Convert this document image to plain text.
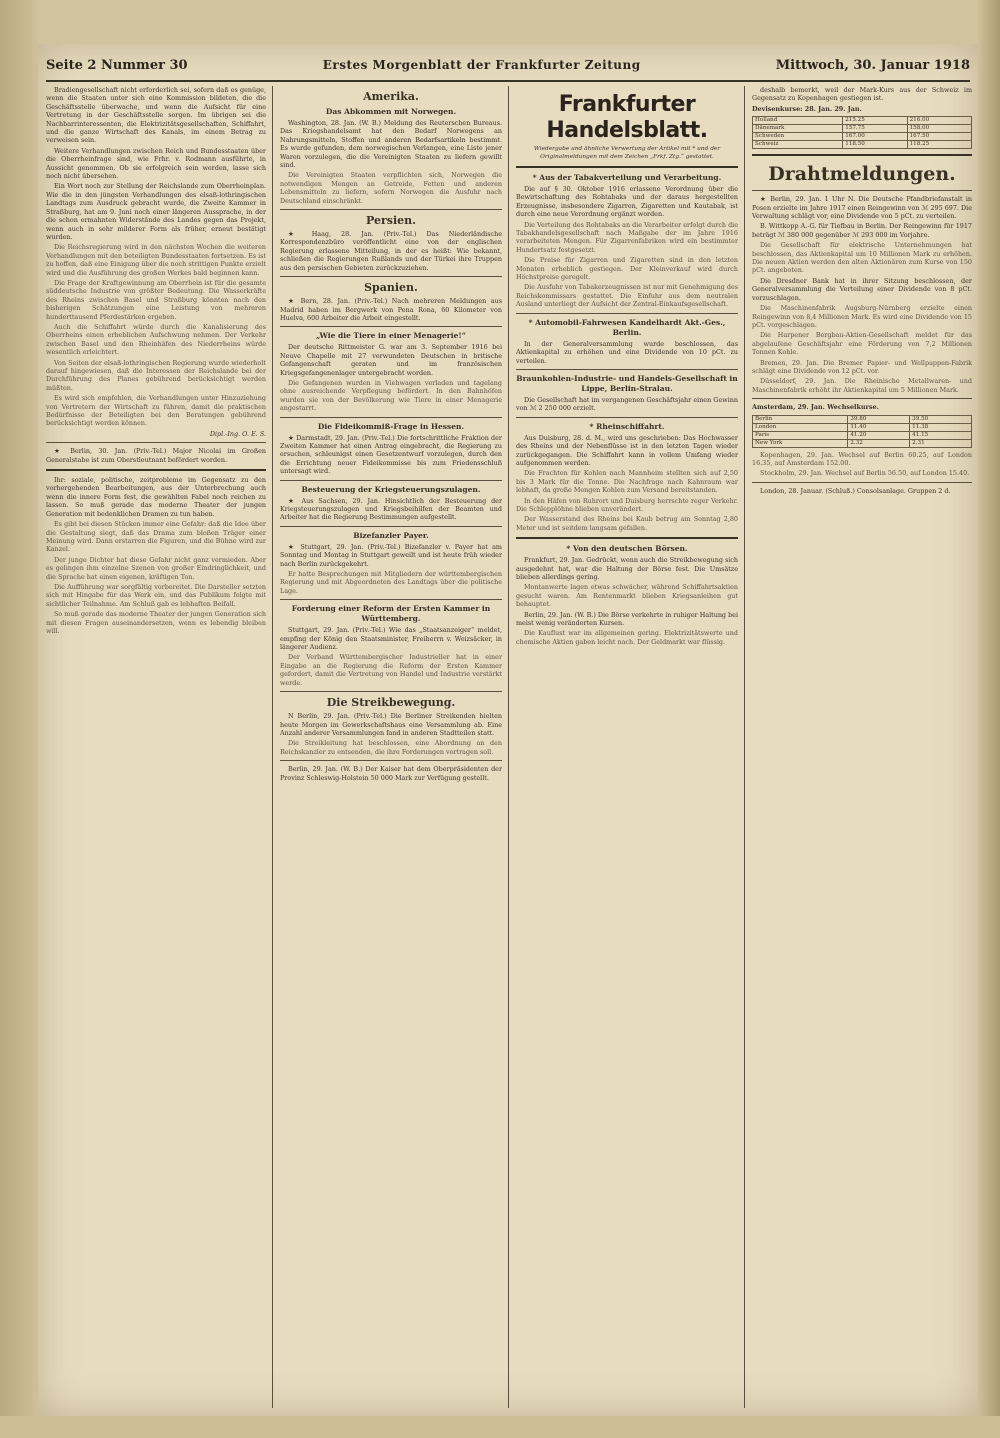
Seite 2 Nummer 30	Erstes Morgenblatt der Frankfurter Zeitung	Mittwoch, 30. Januar 1918

Bradiengesellschaft nicht erforderlich sei, sofern daß es genüge, wenn die Staaten unter sich eine Kommission bildeten, die die Geschäftsstelle überwache, und wenn die Aufsicht für eine Vertretung in der Geschäftsstelle sorgen. Im übrigen sei die Nachbarrinteressenten, die Elektrizitätsgesellschaften, Schiffahrt, und die ganze Wirtschaft des Kanals, im einem Betrag zu verweisen sein.

Weitere Verhandlungen zwischen Reich und Bundesstaaten über die Oberrheinfrage sind, wie Frhr. v. Rodmann ausführte, in Aussicht genommen. Ob sie erfolgreich sein werden, lasse sich noch nicht übersehen.

Ein Wort noch zur Stellung der Reichslande zum Oberrheinplan. Wie die in den jüngsten Verhandlungen des elsaß-lothringischen Landtags zum Ausdruck gebracht wurde, die Zweite Kammer in Straßburg, hat am 9. Juni noch einer längeren Aussprache, in der die schon ermahnten Widerstände des Landes gegen das Projekt, wenn auch in sehr milderer Form als früher, erneut bestätigt wurden.

Die Reichsregierung wird in den nächsten Wochen die weiteren Verhandlungen mit den beteiligten Bundesstaaten fortsetzen. Es ist zu hoffen, daß eine Einigung über die noch strittigen Punkte erzielt wird und die Ausführung des großen Werkes bald beginnen kann.

Die Frage der Kraftgewinnung am Oberrhein ist für die gesamte süddeutsche Industrie von größter Bedeutung. Die Wasserkräfte des Rheins zwischen Basel und Straßburg könnten nach den bisherigen Schätzungen eine Leistung von mehreren hunderttausend Pferdestärken ergeben.

Auch die Schiffahrt würde durch die Kanalisierung des Oberrheins einen erheblichen Aufschwung nehmen. Der Verkehr zwischen Basel und den Rheinhäfen des Niederrheins würde wesentlich erleichtert.

Von Seiten der elsaß-lothringischen Regierung wurde wiederholt darauf hingewiesen, daß die Interessen der Reichslande bei der Durchführung des Planes gebührend berücksichtigt werden müßten.

Es wird sich empfehlen, die Verhandlungen unter Hinzuziehung von Vertretern der Wirtschaft zu führen, damit die praktischen Bedürfnisse der Beteiligten bei den Beratungen gebührend berücksichtigt werden können.

Dipl.-Ing. O. E. S.

★ Berlin, 30. Jan. (Priv.-Tel.) Major Nicolai im Großen Generalstabe ist zum Oberstleutnant befördert worden.

Ihr: soziale, politische, zeitprobleme im Gegensatz zu den vorhergehenden Bearbeitungen, aus der Unterbrechung auch wenn die innere Form fest, die gewählten Fabel noch reichen zu lassen. So muß gerade das moderne Theater der jungen Generation mit bedenklichen Dramen zu tun haben.

Es gibt bei diesen Stücken immer eine Gefahr: daß die Idee über die Gestaltung siegt, daß das Drama zum bloßen Träger einer Meinung wird. Dann erstarren die Figuren, und die Bühne wird zur Kanzel.

Der junge Dichter hat diese Gefahr nicht ganz vermieden. Aber es gelingen ihm einzelne Szenen von großer Eindringlichkeit, und die Sprache hat einen eigenen, kräftigen Ton.

Die Aufführung war sorgfältig vorbereitet. Die Darsteller setzten sich mit Hingabe für das Werk ein, und das Publikum folgte mit sichtlicher Teilnahme. Am Schluß gab es lebhaften Beifall.

So muß gerade das moderne Theater der jungen Generation sich mit diesen Fragen auseinandersetzen, wenn es lebendig bleiben will.

Amerika.
Das Abkommen mit Norwegen.

Washington, 28. Jan. (W. B.) Meldung des Reuterschen Bureaus. Das Kriegshandelsamt hat den Bedarf Norwegens an Nahrungsmitteln, Stoffen und anderen Bedarfsartikeln bestimmt. Es wurde gefunden, dem norwegischen Verlangen, eine Liste jener Waren vorzulegen, die die Vereinigten Staaten zu liefern gewillt sind.

Die Vereinigten Staaten verpflichten sich, Norwegen die notwendigen Mengen an Getreide, Fetten und anderen Lebensmitteln zu liefern, sofern Norwegen die Ausfuhr nach Deutschland einschränkt.

Persien.

★ Haag, 28. Jan. (Priv.-Tel.) Das Niederländische Korrespondenzbüro veröffentlicht eine von der englischen Regierung erlassene Mitteilung, in der es heißt: Wie bekannt, schließen die Regierungen Rußlands und der Türkei ihre Truppen aus den persischen Gebieten zurückzuziehen.

Spanien.

★ Bern, 28. Jan. (Priv.-Tel.) Nach mehreren Meldungen aus Madrid haben im Bergwerk von Pena Rona, 60 Kilometer von Huelva, 600 Arbeiter die Arbeit eingestellt.

„Wie die Tiere in einer Menagerie!“

Der deutsche Rittmeister G. war am 3. September 1916 bei Neuve Chapelle mit 27 verwundeten Deutschen in britische Gefangenschaft geraten und im französischen Kriegsgefangenenlager untergebracht worden.

Die Gefangenen wurden in Viehwagen verladen und tagelang ohne ausreichende Verpflegung befördert. In den Bahnhöfen wurden sie von der Bevölkerung wie Tiere in einer Menagerie angestarrt.

Die Fideikommiß-Frage in Hessen.

★ Darmstadt, 29. Jan. (Priv.-Tel.) Die fortschrittliche Fraktion der Zweiten Kammer hat einen Antrag eingebracht, die Regierung zu ersuchen, schleunigst einen Gesetzentwurf vorzulegen, durch den die Errichtung neuer Fideikommisse bis zum Friedensschluß untersagt wird.

Besteuerung der Kriegsteuerungszulagen.

★ Aus Sachsen, 29. Jan. Hinsichtlich der Besteuerung der Kriegsteuerungszulagen und Kriegsbeihilfen der Beamten und Arbeiter hat die Regierung Bestimmungen aufgestellt.

Bizefanzler Payer.

★ Stuttgart, 29. Jan. (Priv.-Tel.) Bizefanzler v. Payer hat am Sonntag und Montag in Stuttgart geweilt und ist heute früh wieder nach Berlin zurückgekehrt.

Er hatte Besprechungen mit Mitgliedern der württembergischen Regierung und mit Abgeordneten des Landtags über die politische Lage.

Forderung einer Reform der Ersten Kammer in Württemberg.

Stuttgart, 29. Jan. (Priv.-Tel.) Wie das „Staatsanzeiger“ meldet, empfing der König den Staatsminister, Freiherrn v. Weizsäcker, in längerer Audienz.

Der Verband Württembergischer Industrieller hat in einer Eingabe an die Regierung die Reform der Ersten Kammer gefordert, damit die Vertretung von Handel und Industrie verstärkt werde.

Die Streikbewegung.

N Berlin, 29. Jan. (Priv.-Tel.) Die Berliner Streikenden hielten heute Morgen im Gewerkschaftshaus eine Versammlung ab. Eine Anzahl anderer Versammlungen fand in anderen Stadtteilen statt.

Die Streikleitung hat beschlossen, eine Abordnung an den Reichskanzler zu entsenden, die ihre Forderungen vortragen soll.

Berlin, 29. Jan. (W. B.) Der Kaiser hat dem Oberpräsidenten der Provinz Schleswig-Holstein 50 000 Mark zur Verfügung gestellt.

Frankfurter Handelsblatt.
Wiedergabe und ähnliche Verwertung der Artikel mit * und der Originalmeldungen mit dem Zeichen „Frkf. Ztg.“ gestattet.
* Aus der Tabakverteilung und Verarbeitung.

Die auf § 30. Oktober 1916 erlassene Verordnung über die Bewirtschaftung des Rohtabaks und der daraus hergestellten Erzeugnisse, insbesondere Zigarren, Zigaretten und Kautabak, ist durch eine neue Verordnung ergänzt worden.

Die Verteilung des Rohtabaks an die Verarbeiter erfolgt durch die Tabakhandelsgesellschaft nach Maßgabe der im Jahre 1916 verarbeiteten Mengen. Für Zigarrenfabriken wird ein bestimmter Hundertsatz festgesetzt.

Die Preise für Zigarren und Zigaretten sind in den letzten Monaten erheblich gestiegen. Der Kleinverkauf wird durch Höchstpreise geregelt.

Die Ausfuhr von Tabakerzeugnissen ist nur mit Genehmigung des Reichskommissars gestattet. Die Einfuhr aus dem neutralen Ausland unterliegt der Aufsicht der Zentral-Einkaufsgesellschaft.

* Automobil-Fahrwesen Kandelhardt Akt.-Ges., Berlin.

In der Generalversammlung wurde beschlossen, das Aktienkapital zu erhöhen und eine Dividende von 10 pCt. zu verteilen.

Braunkohlen-Industrie- und Handels-Gesellschaft in Lippe, Berlin-Stralau.

Die Gesellschaft hat im vergangenen Geschäftsjahr einen Gewinn von ℳ 2 250 000 erzielt.

* Rheinschiffahrt.

Aus Duisburg, 28. d. M., wird uns geschrieben: Das Hochwasser des Rheins und der Nebenflüsse ist in den letzten Tagen wieder zurückgegangen. Die Schiffahrt kann in vollem Umfang wieder aufgenommen werden.

Die Frachten für Kohlen nach Mannheim stellten sich auf 2,50 bis 3 Mark für die Tonne. Die Nachfrage nach Kahnraum war lebhaft, da große Mengen Kohlen zum Versand bereitstanden.

In den Häfen von Ruhrort und Duisburg herrschte reger Verkehr. Die Schlepplöhne blieben unverändert.

Der Wasserstand des Rheins bei Kaub betrug am Sonntag 2,80 Meter und ist seitdem langsam gefallen.

* Von den deutschen Börsen.

Frankfurt, 29. Jan. Gedrückt, wenn auch die Streikbewegung sich ausgedehnt hat, war die Haltung der Börse fest. Die Umsätze blieben allerdings gering.

Montanwerte lagen etwas schwächer, während Schiffahrtsaktien gesucht waren. Am Rentenmarkt blieben Kriegsanleihen gut behauptet.

Berlin, 29. Jan. (W. B.) Die Börse verkehrte in ruhiger Haltung bei meist wenig veränderten Kursen.

Die Kauflust war im allgemeinen gering. Elektrizitätswerte und chemische Aktien gaben leicht nach. Der Geldmarkt war flüssig.

deshalb bemerkt, weil der Mark-Kurs aus der Schweiz im Gegensatz zu Kopenhagen gestiegen ist.

Devisenkurse: 28. Jan. 29. Jan.
Holland	215.25	216.00
Dänemark	157.75	158.00
Schweden	167.00	167.50
Schweiz	118.50	118.25
Drahtmeldungen.

★ Berlin, 29. Jan. 1 Uhr N. Die Deutsche Pfandbriefanstalt in Posen erzielte im Jahre 1917 einen Reingewinn von ℳ 295 697. Die Verwaltung schlägt vor, eine Dividende von 5 pCt. zu verteilen.

B. Wittkopp A.-G. für Tiefbau in Berlin. Der Reingewinn für 1917 beträgt ℳ 380 000 gegenüber ℳ 293 000 im Vorjahre.

Die Gesellschaft für elektrische Unternehmungen hat beschlossen, das Aktienkapital um 10 Millionen Mark zu erhöhen. Die neuen Aktien werden den alten Aktionären zum Kurse von 150 pCt. angeboten.

Die Dresdner Bank hat in ihrer Sitzung beschlossen, der Generalversammlung die Verteilung einer Dividende von 8 pCt. vorzuschlagen.

Die Maschinenfabrik Augsburg-Nürnberg erzielte einen Reingewinn von 8,4 Millionen Mark. Es wird eine Dividende von 15 pCt. vorgeschlagen.

Die Harpener Bergbau-Aktien-Gesellschaft meldet für das abgelaufene Geschäftsjahr eine Förderung von 7,2 Millionen Tonnen Kohle.

Bremen, 29. Jan. Die Bremer Papier- und Wellpappen-Fabrik schlägt eine Dividende von 12 pCt. vor.

Düsseldorf, 29. Jan. Die Rheinische Metallwaren- und Maschinenfabrik erhöht ihr Aktienkapital um 5 Millionen Mark.

Amsterdam, 29. Jan. Wechselkurse.
Berlin	39.80	39.50
London	11.40	11.38
Paris	41.20	41.15
New York	2.32	2.31

Kopenhagen, 29. Jan. Wechsel auf Berlin 60.25, auf London 16.35, auf Amsterdam 152.00.

Stockholm, 29. Jan. Wechsel auf Berlin 56.50, auf London 15.40.

London, 28. Januar. (Schluß.) Consolsanlage. Gruppen 2 d.
